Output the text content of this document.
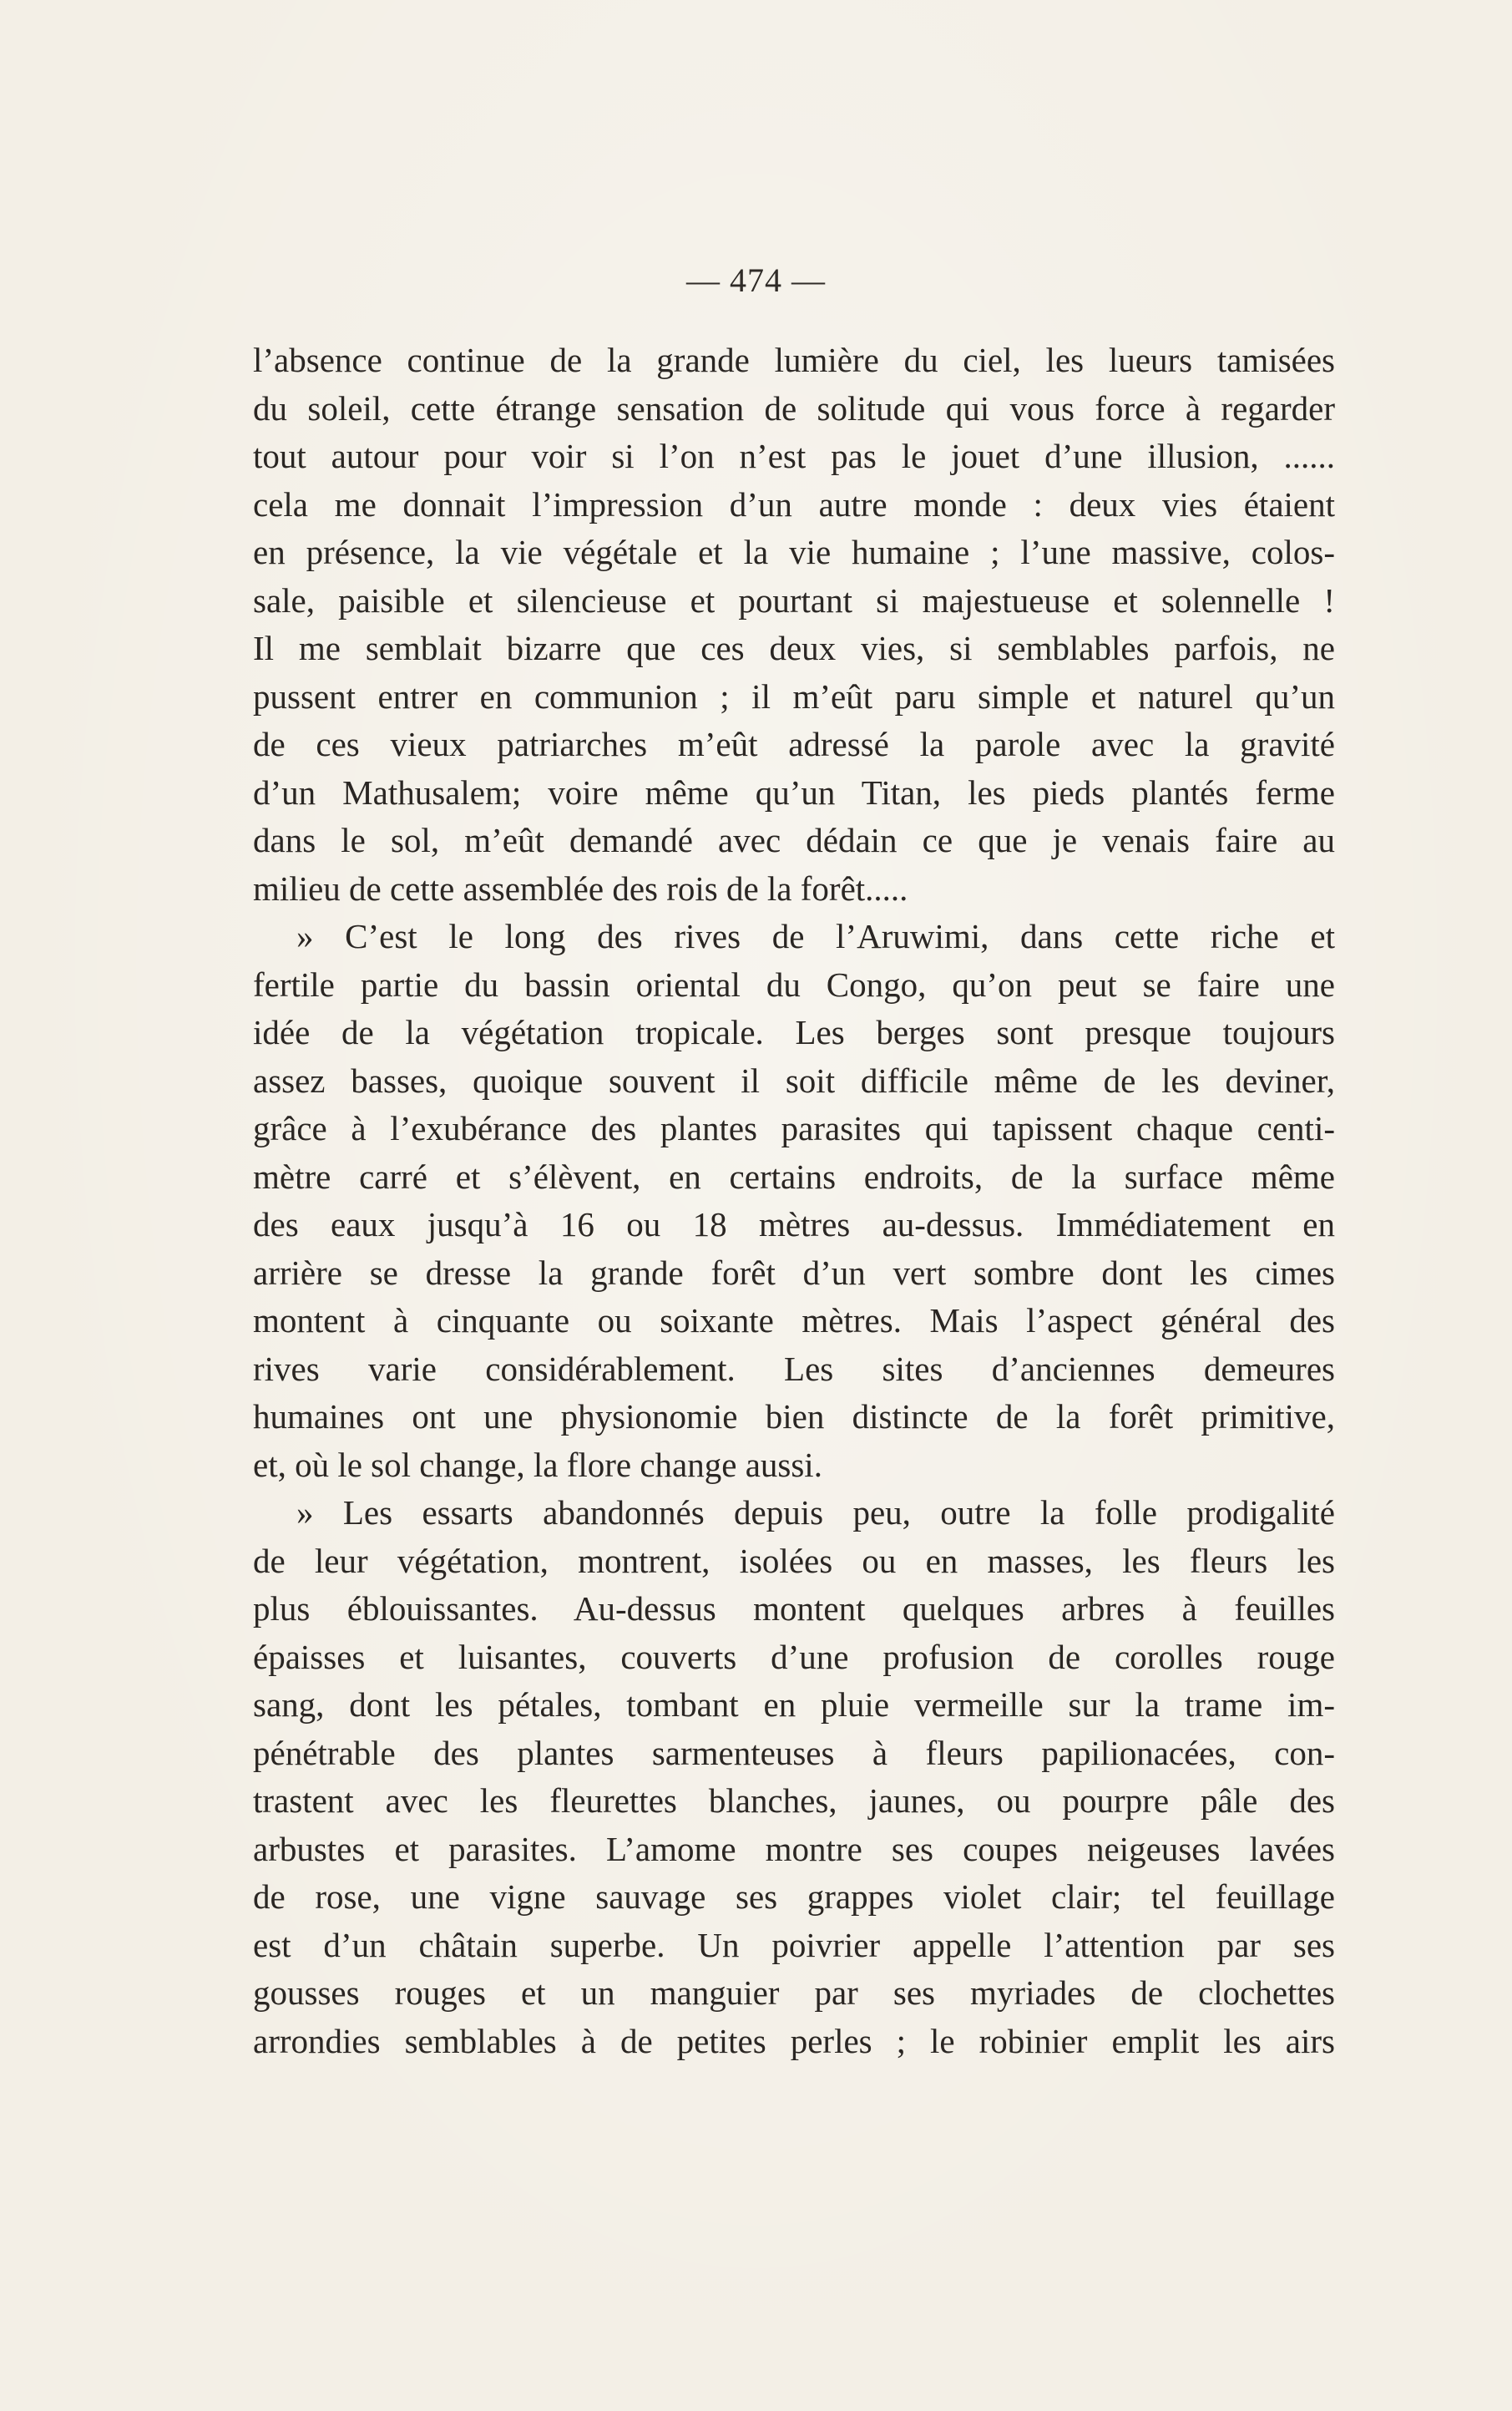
— 474 —
l’absence continue de la grande lumière du ciel, les lueurs tamisées
du soleil, cette étrange sensation de solitude qui vous force à regarder
tout autour pour voir si l’on n’est pas le jouet d’une illusion, ......
cela me donnait l’impression d’un autre monde : deux vies étaient
en présence, la vie végétale et la vie humaine ; l’une massive, colos-
sale, paisible et silencieuse et pourtant si majestueuse et solennelle !
Il me semblait bizarre que ces deux vies, si semblables parfois, ne
pussent entrer en communion ; il m’eût paru simple et naturel qu’un
de ces vieux patriarches m’eût adressé la parole avec la gravité
d’un Mathusalem; voire même qu’un Titan, les pieds plantés ferme
dans le sol, m’eût demandé avec dédain ce que je venais faire au
milieu de cette assemblée des rois de la forêt.....
» C’est le long des rives de l’Aruwimi, dans cette riche et
fertile partie du bassin oriental du Congo, qu’on peut se faire une
idée de la végétation tropicale. Les berges sont presque toujours
assez basses, quoique souvent il soit difficile même de les deviner,
grâce à l’exubérance des plantes parasites qui tapissent chaque centi-
mètre carré et s’élèvent, en certains endroits, de la surface même
des eaux jusqu’à 16 ou 18 mètres au-dessus. Immédiatement en
arrière se dresse la grande forêt d’un vert sombre dont les cimes
montent à cinquante ou soixante mètres. Mais l’aspect général des
rives varie considérablement. Les sites d’anciennes demeures
humaines ont une physionomie bien distincte de la forêt primitive,
et, où le sol change, la flore change aussi.
» Les essarts abandonnés depuis peu, outre la folle prodigalité
de leur végétation, montrent, isolées ou en masses, les fleurs les
plus éblouissantes. Au-dessus montent quelques arbres à feuilles
épaisses et luisantes, couverts d’une profusion de corolles rouge
sang, dont les pétales, tombant en pluie vermeille sur la trame im-
pénétrable des plantes sarmenteuses à fleurs papilionacées, con-
trastent avec les fleurettes blanches, jaunes, ou pourpre pâle des
arbustes et parasites. L’amome montre ses coupes neigeuses lavées
de rose, une vigne sauvage ses grappes violet clair; tel feuillage
est d’un châtain superbe. Un poivrier appelle l’attention par ses
gousses rouges et un manguier par ses myriades de clochettes
arrondies semblables à de petites perles ; le robinier emplit les airs
